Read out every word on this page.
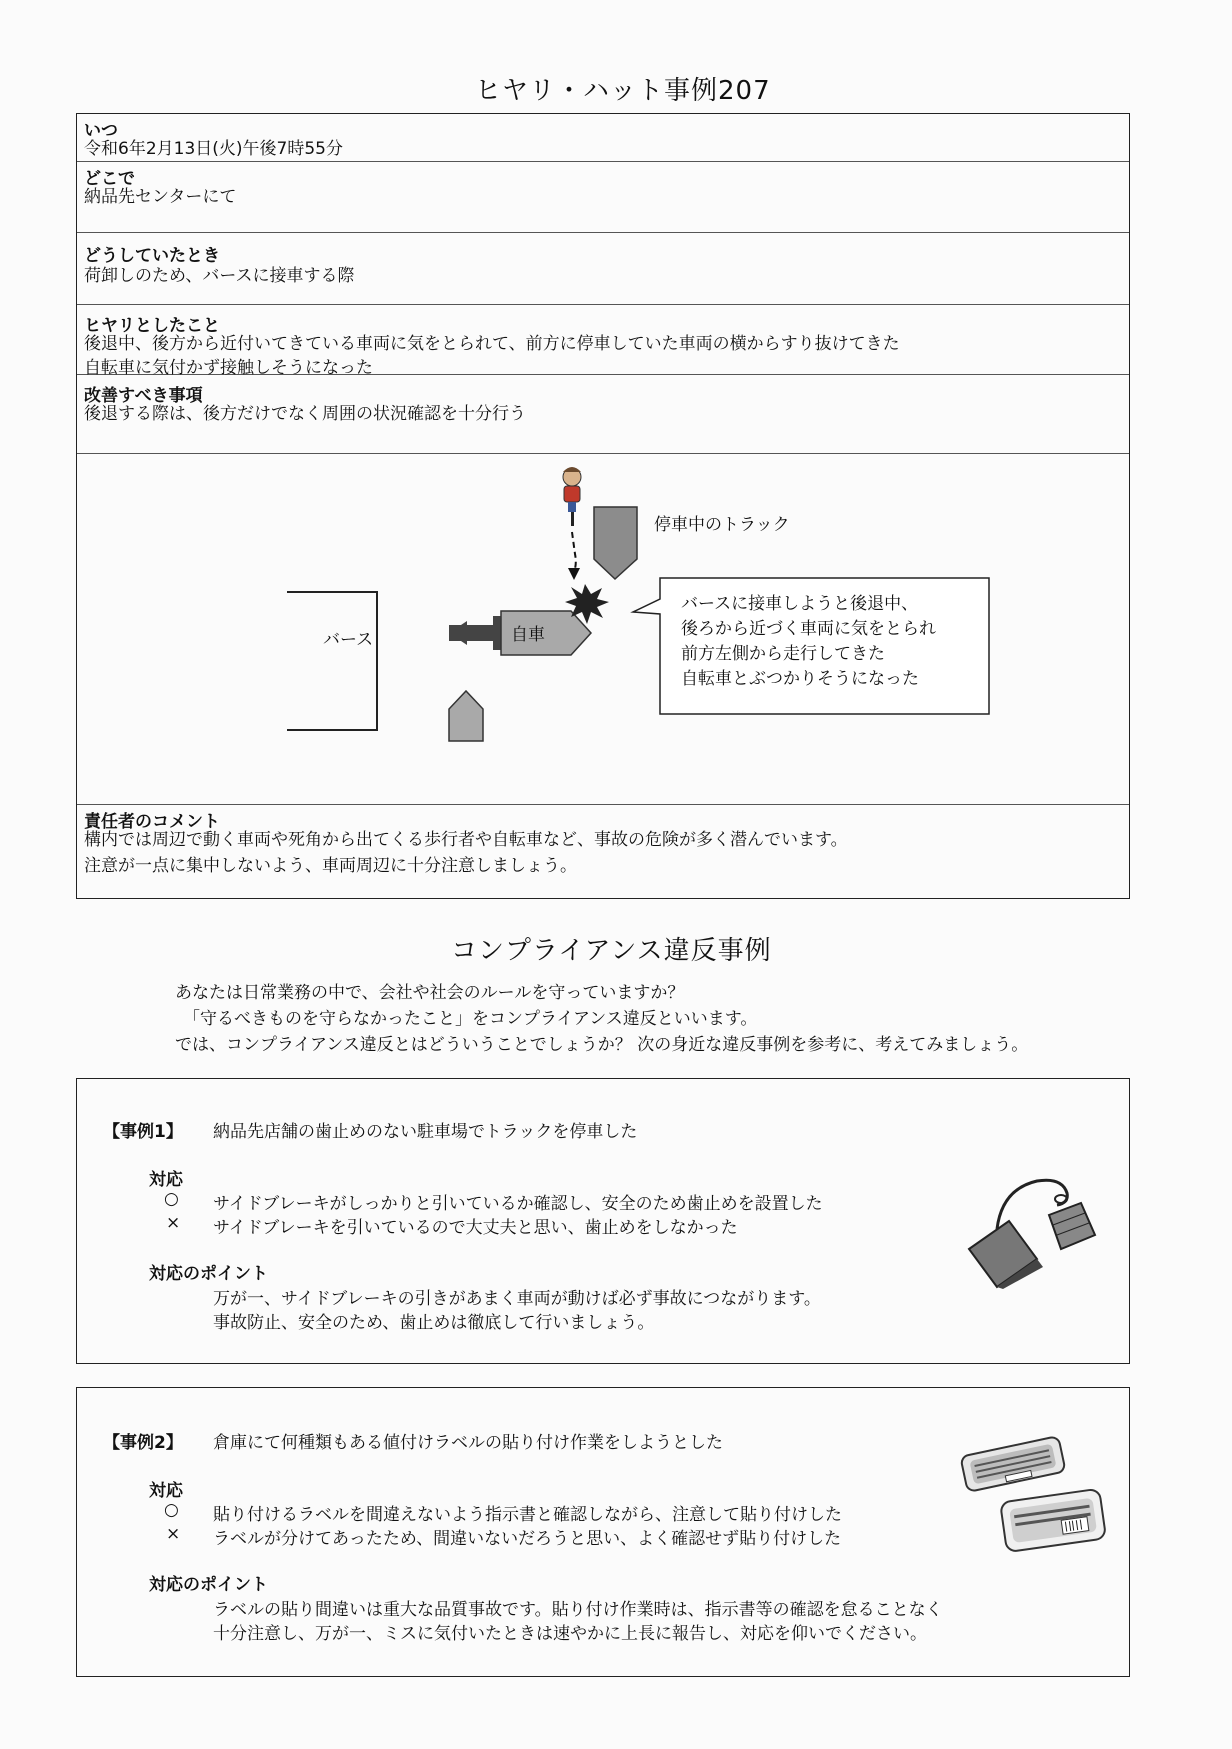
ヒヤリ・ハット事例207
いつ
令和6年2月13日(火)午後7時55分
どこで
納品先センターにて
どうしていたとき
荷卸しのため、バースに接車する際
ヒヤリとしたこと
後退中、後方から近付いてきている車両に気をとられて、前方に停車していた車両の横からすり抜けてきた
自転車に気付かず接触しそうになった
改善すべき事項
後退する際は、後方だけでなく周囲の状況確認を十分行う
バース	自車
停車中のトラック
バースに接車しようと後退中、
後ろから近づく車両に気をとられ
前方左側から走行してきた
自転車とぶつかりそうになった
責任者のコメント
構内では周辺で動く車両や死角から出てくる歩行者や自転車など、事故の危険が多く潜んでいます。
注意が一点に集中しないよう、車両周辺に十分注意しましょう。
コンプライアンス違反事例
あなたは日常業務の中で、会社や社会のルールを守っていますか？
「守るべきものを守らなかったこと」をコンプライアンス違反といいます。
では、コンプライアンス違反とはどういうことでしょうか？ 次の身近な違反事例を参考に、考えてみましょう。
【事例1】 納品先店舗の歯止めのない駐車場でトラックを停車した
対応
○ サイドブレーキがしっかりと引いているか確認し、安全のため歯止めを設置した
× サイドブレーキを引いているので大丈夫と思い、歯止めをしなかった
対応のポイント
万が一、サイドブレーキの引きがあまく車両が動けば必ず事故につながります。
事故防止、安全のため、歯止めは徹底して行いましょう。
【事例2】 倉庫にて何種類もある値付けラベルの貼り付け作業をしようとした
対応
○ 貼り付けるラベルを間違えないよう指示書と確認しながら、注意して貼り付けした
× ラベルが分けてあったため、間違いないだろうと思い、よく確認せず貼り付けした
対応のポイント
ラベルの貼り間違いは重大な品質事故です。貼り付け作業時は、指示書等の確認を怠ることなく
十分注意し、万が一、ミスに気付いたときは速やかに上長に報告し、対応を仰いでください。
